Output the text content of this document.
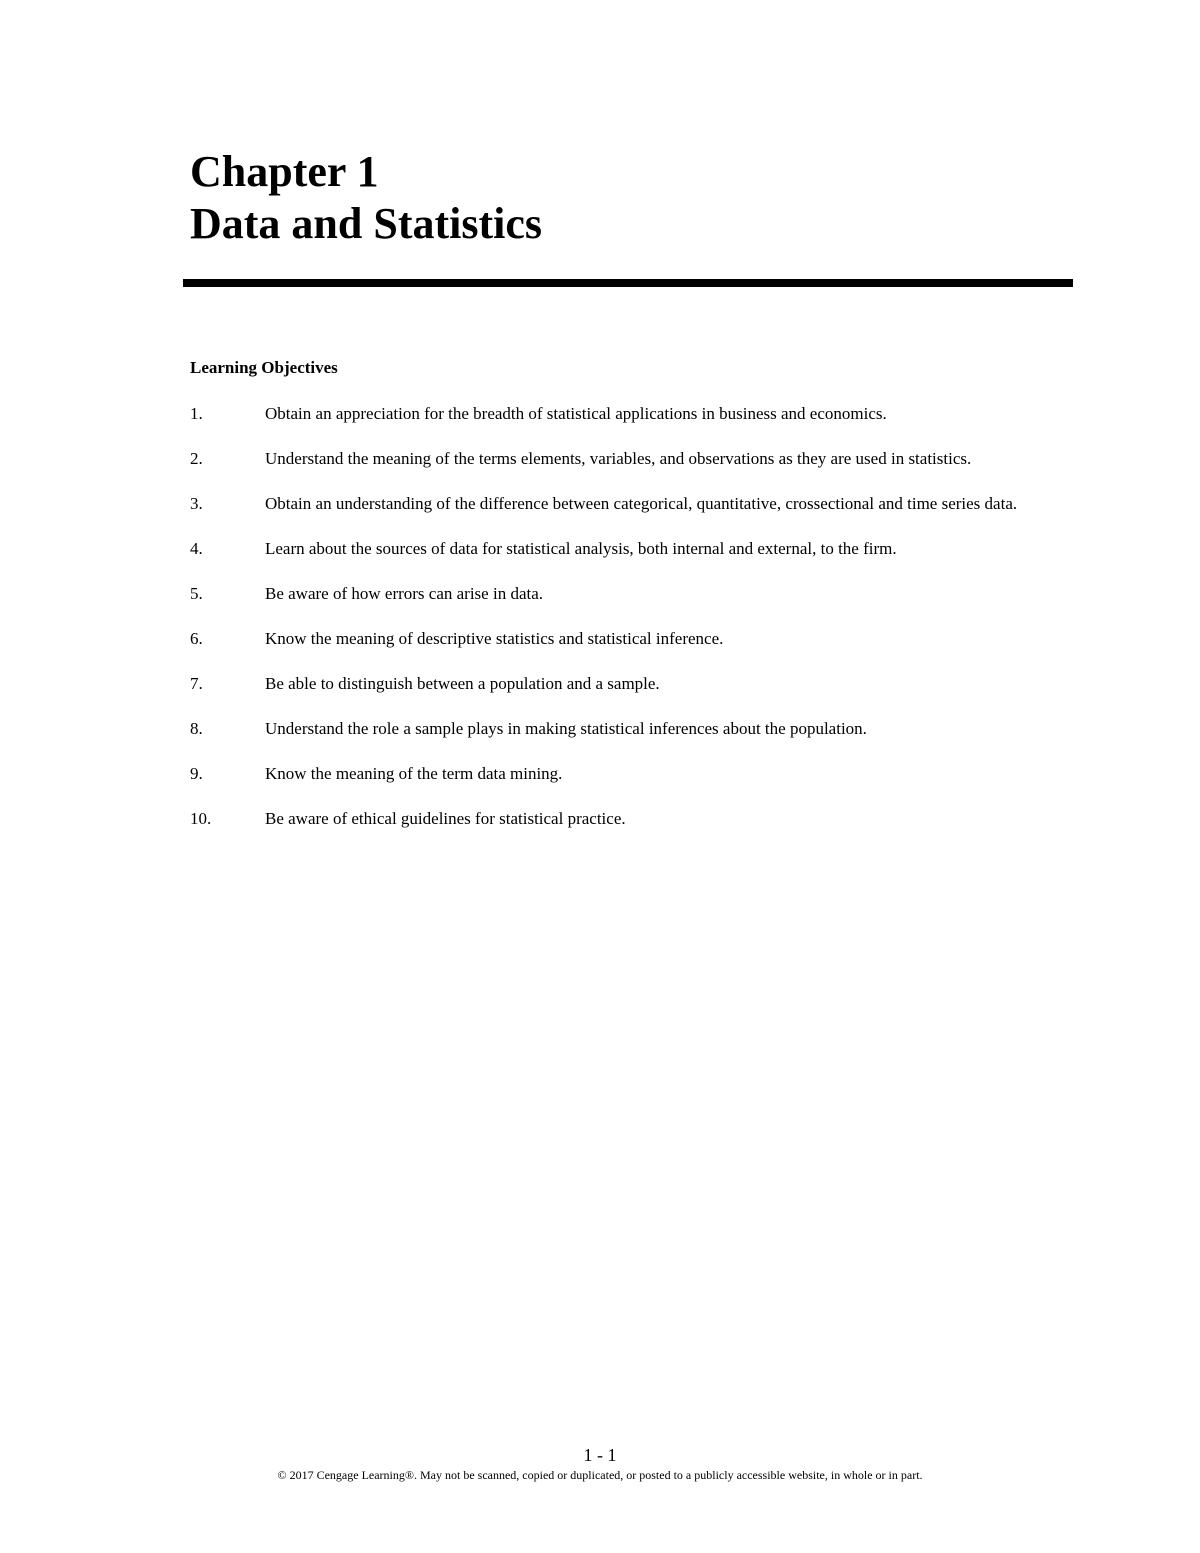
Chapter 1
Data and Statistics
Learning Objectives
1.	Obtain an appreciation for the breadth of statistical applications in business and economics.
2.	Understand the meaning of the terms elements, variables, and observations as they are used in statistics.
3.	Obtain an understanding of the difference between categorical, quantitative, crossectional and time series data.
4.	Learn about the sources of data for statistical analysis, both internal and external, to the firm.
5.	Be aware of how errors can arise in data.
6.	Know the meaning of descriptive statistics and statistical inference.
7.	Be able to distinguish between a population and a sample.
8.	Understand the role a sample plays in making statistical inferences about the population.
9.	Know the meaning of the term data mining.
10.	Be aware of ethical guidelines for statistical practice.
1 - 1
© 2017 Cengage Learning®. May not be scanned, copied or duplicated, or posted to a publicly accessible website, in whole or in part.
